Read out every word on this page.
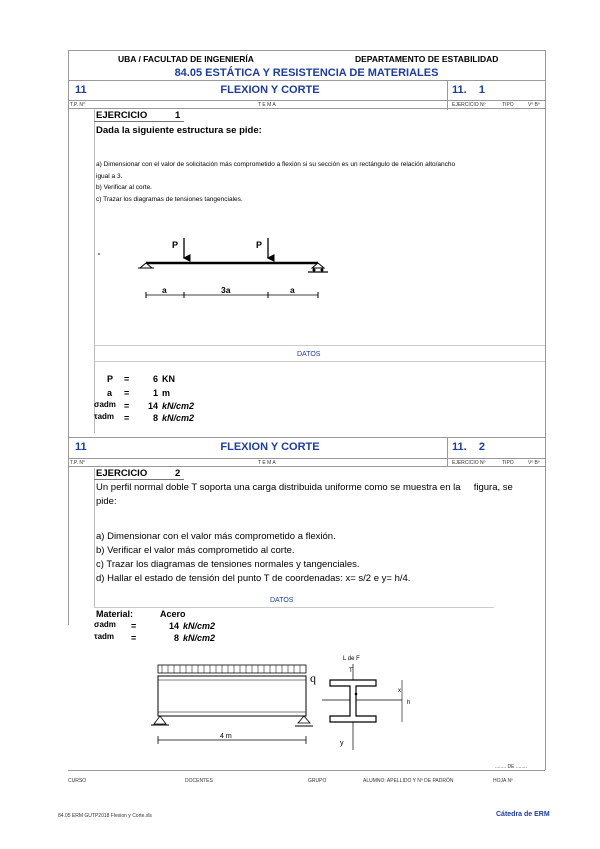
UBA / FACULTAD DE INGENIERÍA	DEPARTAMENTO DE ESTABILIDAD
84.05 ESTÁTICA Y RESISTENCIA DE MATERIALES
11	FLEXION Y CORTE	11.    1
T.P. N°	T E M A	EJERCICIO Nº	TIPO	Vº Bº
EJERCICIO	1
Dada la siguiente estructura se pide:
a) Dimensionar con el valor de solicitación más comprometido a flexión si su sección es un rectángulo de relación alto/ancho
igual a 3.
b) Verificar al corte.
c) Trazar los diagramas de tensiones tangenciales.
P	P
a	3a	a
DATOS
P =	6 KN
a =	1 m
σadm = 14 kN/cm2
τadm =	8 kN/cm2
11	FLEXION Y CORTE	11.    2
T.P. N°	T E M A	EJERCICIO Nº	TIPO	Vº Bº
EJERCICIO	2
Un perfil normal doble T soporta una carga distribuida uniforme como se muestra en la     figura, se
pide:
a) Dimensionar con el valor más comprometido a flexión.
b) Verificar el valor más comprometido al corte.
c) Trazar los diagramas de tensiones normales y tangenciales.
d) Hallar el estado de tensión del punto T de coordenadas: x= s/2 e y= h/4.
DATOS
Material:	Acero
σadm =	14 kN/cm2
τadm =	8 kN/cm2
4 m
q
L de F
T
x
y
h
........ DE ........
CURSO	DOCENTES	GRUPO	ALUMNO: APELLIDO Y Nº DE PADRÓN	HOJA Nº
84.05 ERM GUTP2018 Flexion y Corte.xls	Cátedra de ERM
